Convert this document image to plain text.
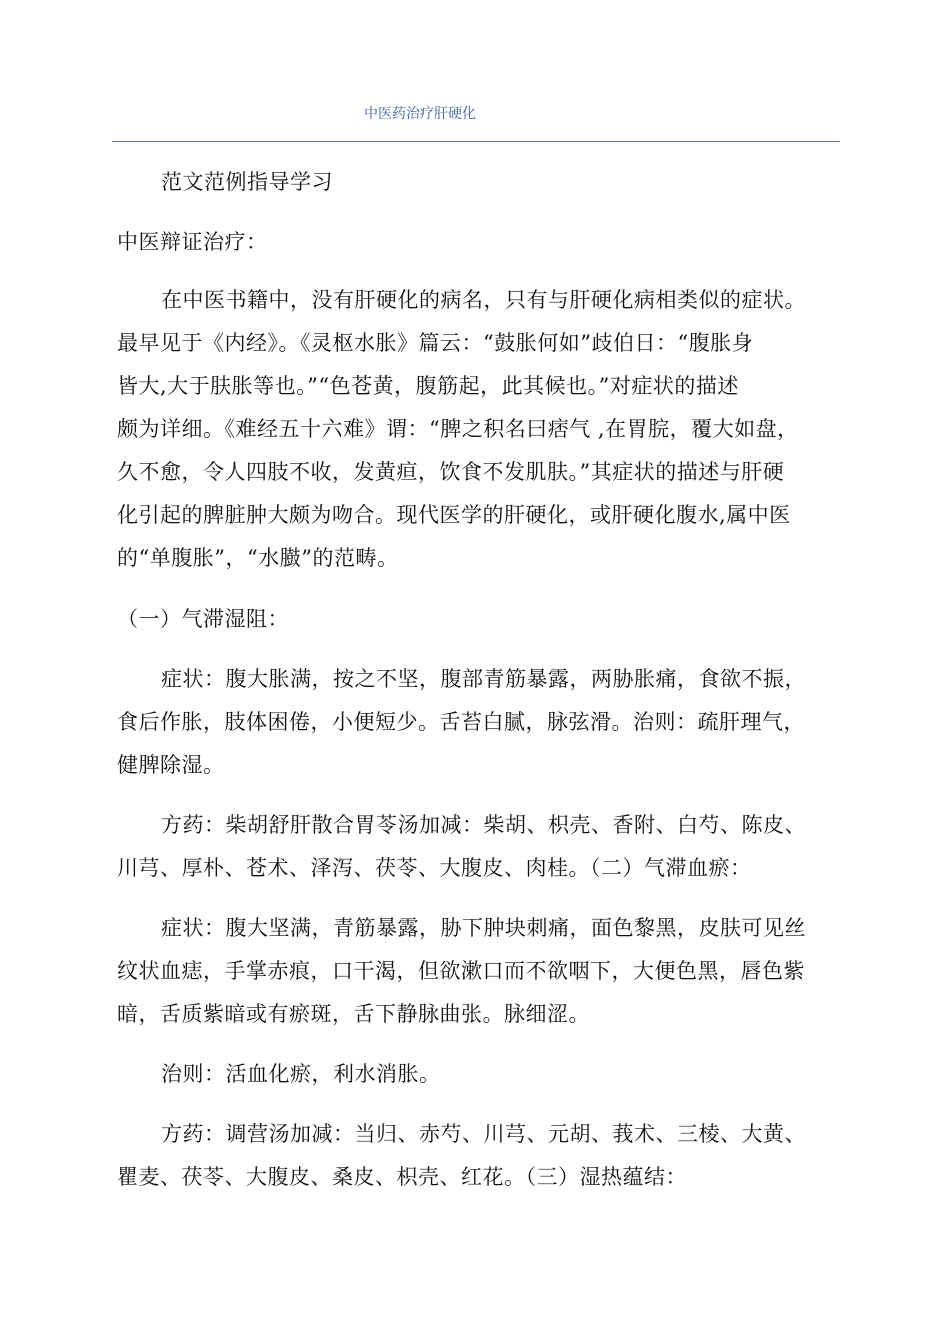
中医药治疗肝硬化
范文范例指导学习
中医辩证治疗：
在中医书籍中，没有肝硬化的病名，只有与肝硬化病相类似的症状。
最早见于《内经》。《灵枢水胀》篇云：“鼓胀何如”歧伯日：“腹胀身
皆大,大于肤胀等也。”“色苍黄，腹筋起，此其候也。”对症状的描述
颇为详细。《难经五十六难》谓：“脾之积名曰痞气 ,在胃脘，覆大如盘，
久不愈，令人四肢不收，发黄疸，饮食不发肌肤。”其症状的描述与肝硬
化引起的脾脏肿大颇为吻合。现代医学的肝硬化，或肝硬化腹水,属中医
的“单腹胀”，“水臌”的范畴。
（一）气滞湿阻：
症状：腹大胀满，按之不坚，腹部青筋暴露，两胁胀痛，食欲不振，
食后作胀，肢体困倦，小便短少。舌苔白腻，脉弦滑。治则：疏肝理气，
健脾除湿。
方药：柴胡舒肝散合胃苓汤加减：柴胡、枳壳、香附、白芍、陈皮、
川芎、厚朴、苍术、泽泻、茯苓、大腹皮、肉桂。（二）气滞血瘀：
症状：腹大坚满，青筋暴露，胁下肿块刺痛，面色黎黑，皮肤可见丝
纹状血痣，手掌赤痕，口干渴，但欲漱口而不欲咽下，大便色黑，唇色紫
暗，舌质紫暗或有瘀斑，舌下静脉曲张。脉细涩。
治则：活血化瘀，利水消胀。
方药：调营汤加减：当归、赤芍、川芎、元胡、莪术、三棱、大黄、
瞿麦、茯苓、大腹皮、桑皮、枳壳、红花。（三）湿热蕴结：
